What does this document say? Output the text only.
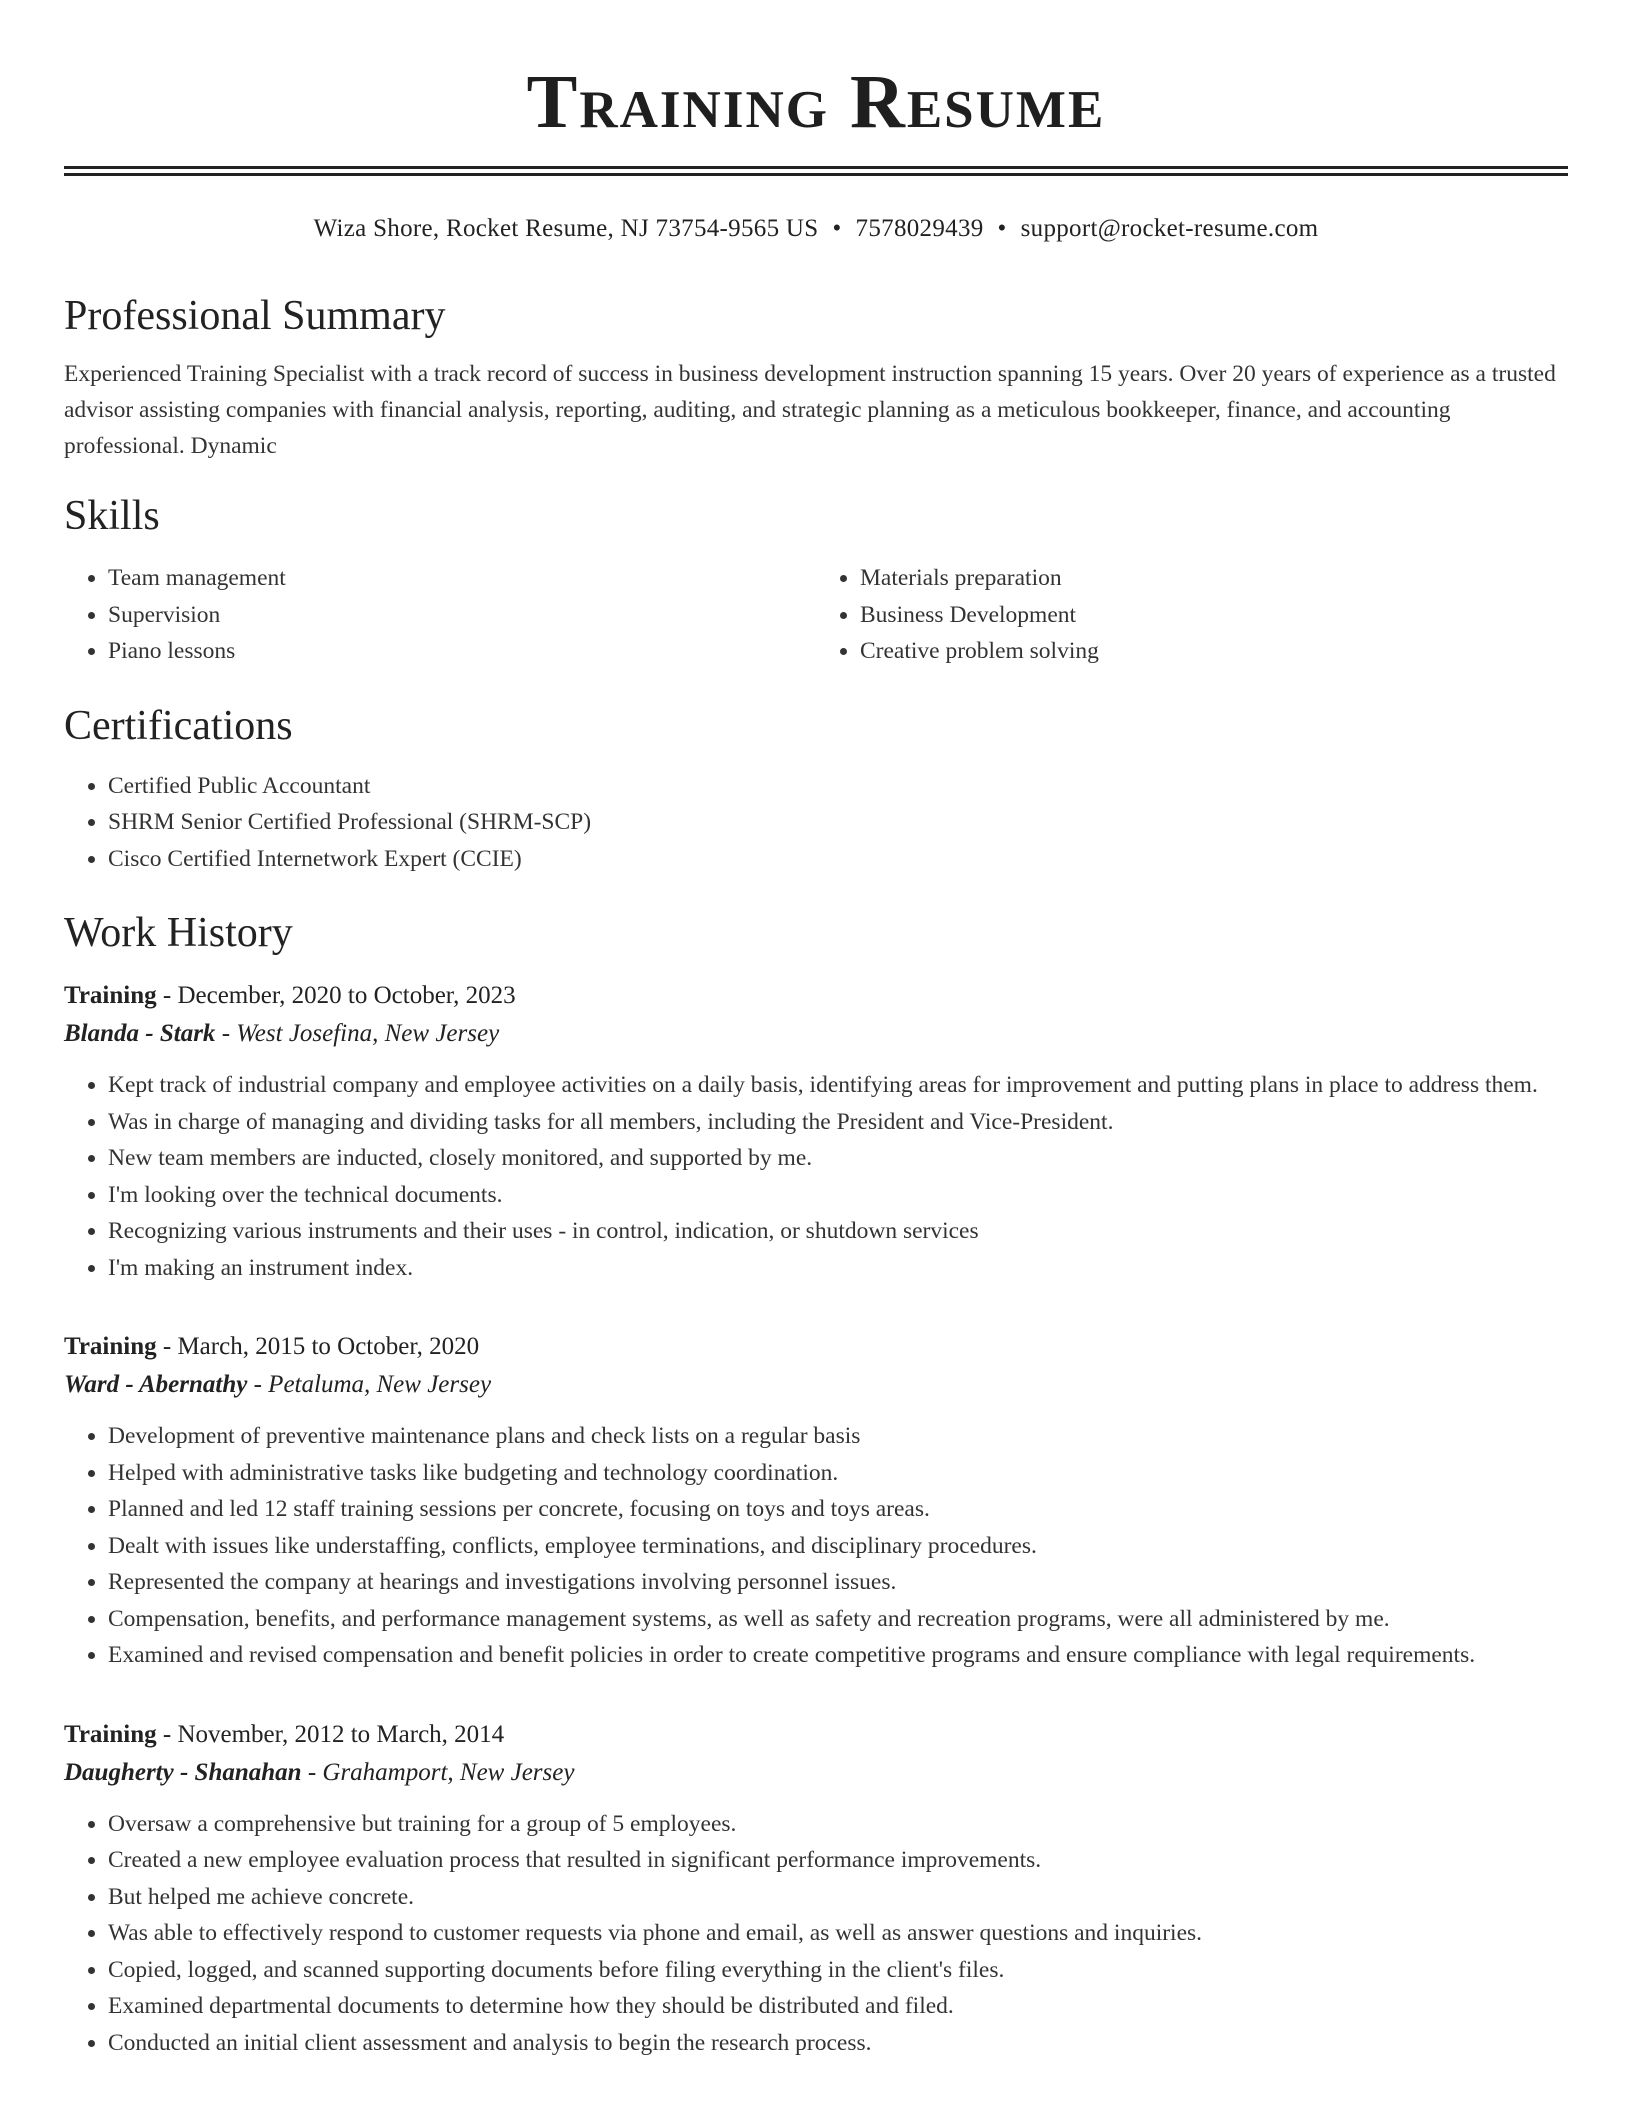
Training Resume
Wiza Shore, Rocket Resume, NJ 73754-9565 US • 7578029439 • support@rocket-resume.com
Professional Summary

Experienced Training Specialist with a track record of success in business development instruction spanning 15 years. Over 20 years of experience as a trusted advisor assisting companies with financial analysis, reporting, auditing, and strategic planning as a meticulous bookkeeper, finance, and accounting professional. Dynamic

Skills
• Team management
• Supervision
• Piano lessons
• Materials preparation
• Business Development
• Creative problem solving
Certifications
• Certified Public Accountant
• SHRM Senior Certified Professional (SHRM-SCP)
• Cisco Certified Internetwork Expert (CCIE)
Work History
Training - December, 2020 to October, 2023
Blanda - Stark - West Josefina, New Jersey
• Kept track of industrial company and employee activities on a daily basis, identifying areas for improvement and putting plans in place to address them.
• Was in charge of managing and dividing tasks for all members, including the President and Vice-President.
• New team members are inducted, closely monitored, and supported by me.
• I'm looking over the technical documents.
• Recognizing various instruments and their uses - in control, indication, or shutdown services
• I'm making an instrument index.
Training - March, 2015 to October, 2020
Ward - Abernathy - Petaluma, New Jersey
• Development of preventive maintenance plans and check lists on a regular basis
• Helped with administrative tasks like budgeting and technology coordination.
• Planned and led 12 staff training sessions per concrete, focusing on toys and toys areas.
• Dealt with issues like understaffing, conflicts, employee terminations, and disciplinary procedures.
• Represented the company at hearings and investigations involving personnel issues.
• Compensation, benefits, and performance management systems, as well as safety and recreation programs, were all administered by me.
• Examined and revised compensation and benefit policies in order to create competitive programs and ensure compliance with legal requirements.
Training - November, 2012 to March, 2014
Daugherty - Shanahan - Grahamport, New Jersey
• Oversaw a comprehensive but training for a group of 5 employees.
• Created a new employee evaluation process that resulted in significant performance improvements.
• But helped me achieve concrete.
• Was able to effectively respond to customer requests via phone and email, as well as answer questions and inquiries.
• Copied, logged, and scanned supporting documents before filing everything in the client's files.
• Examined departmental documents to determine how they should be distributed and filed.
• Conducted an initial client assessment and analysis to begin the research process.
